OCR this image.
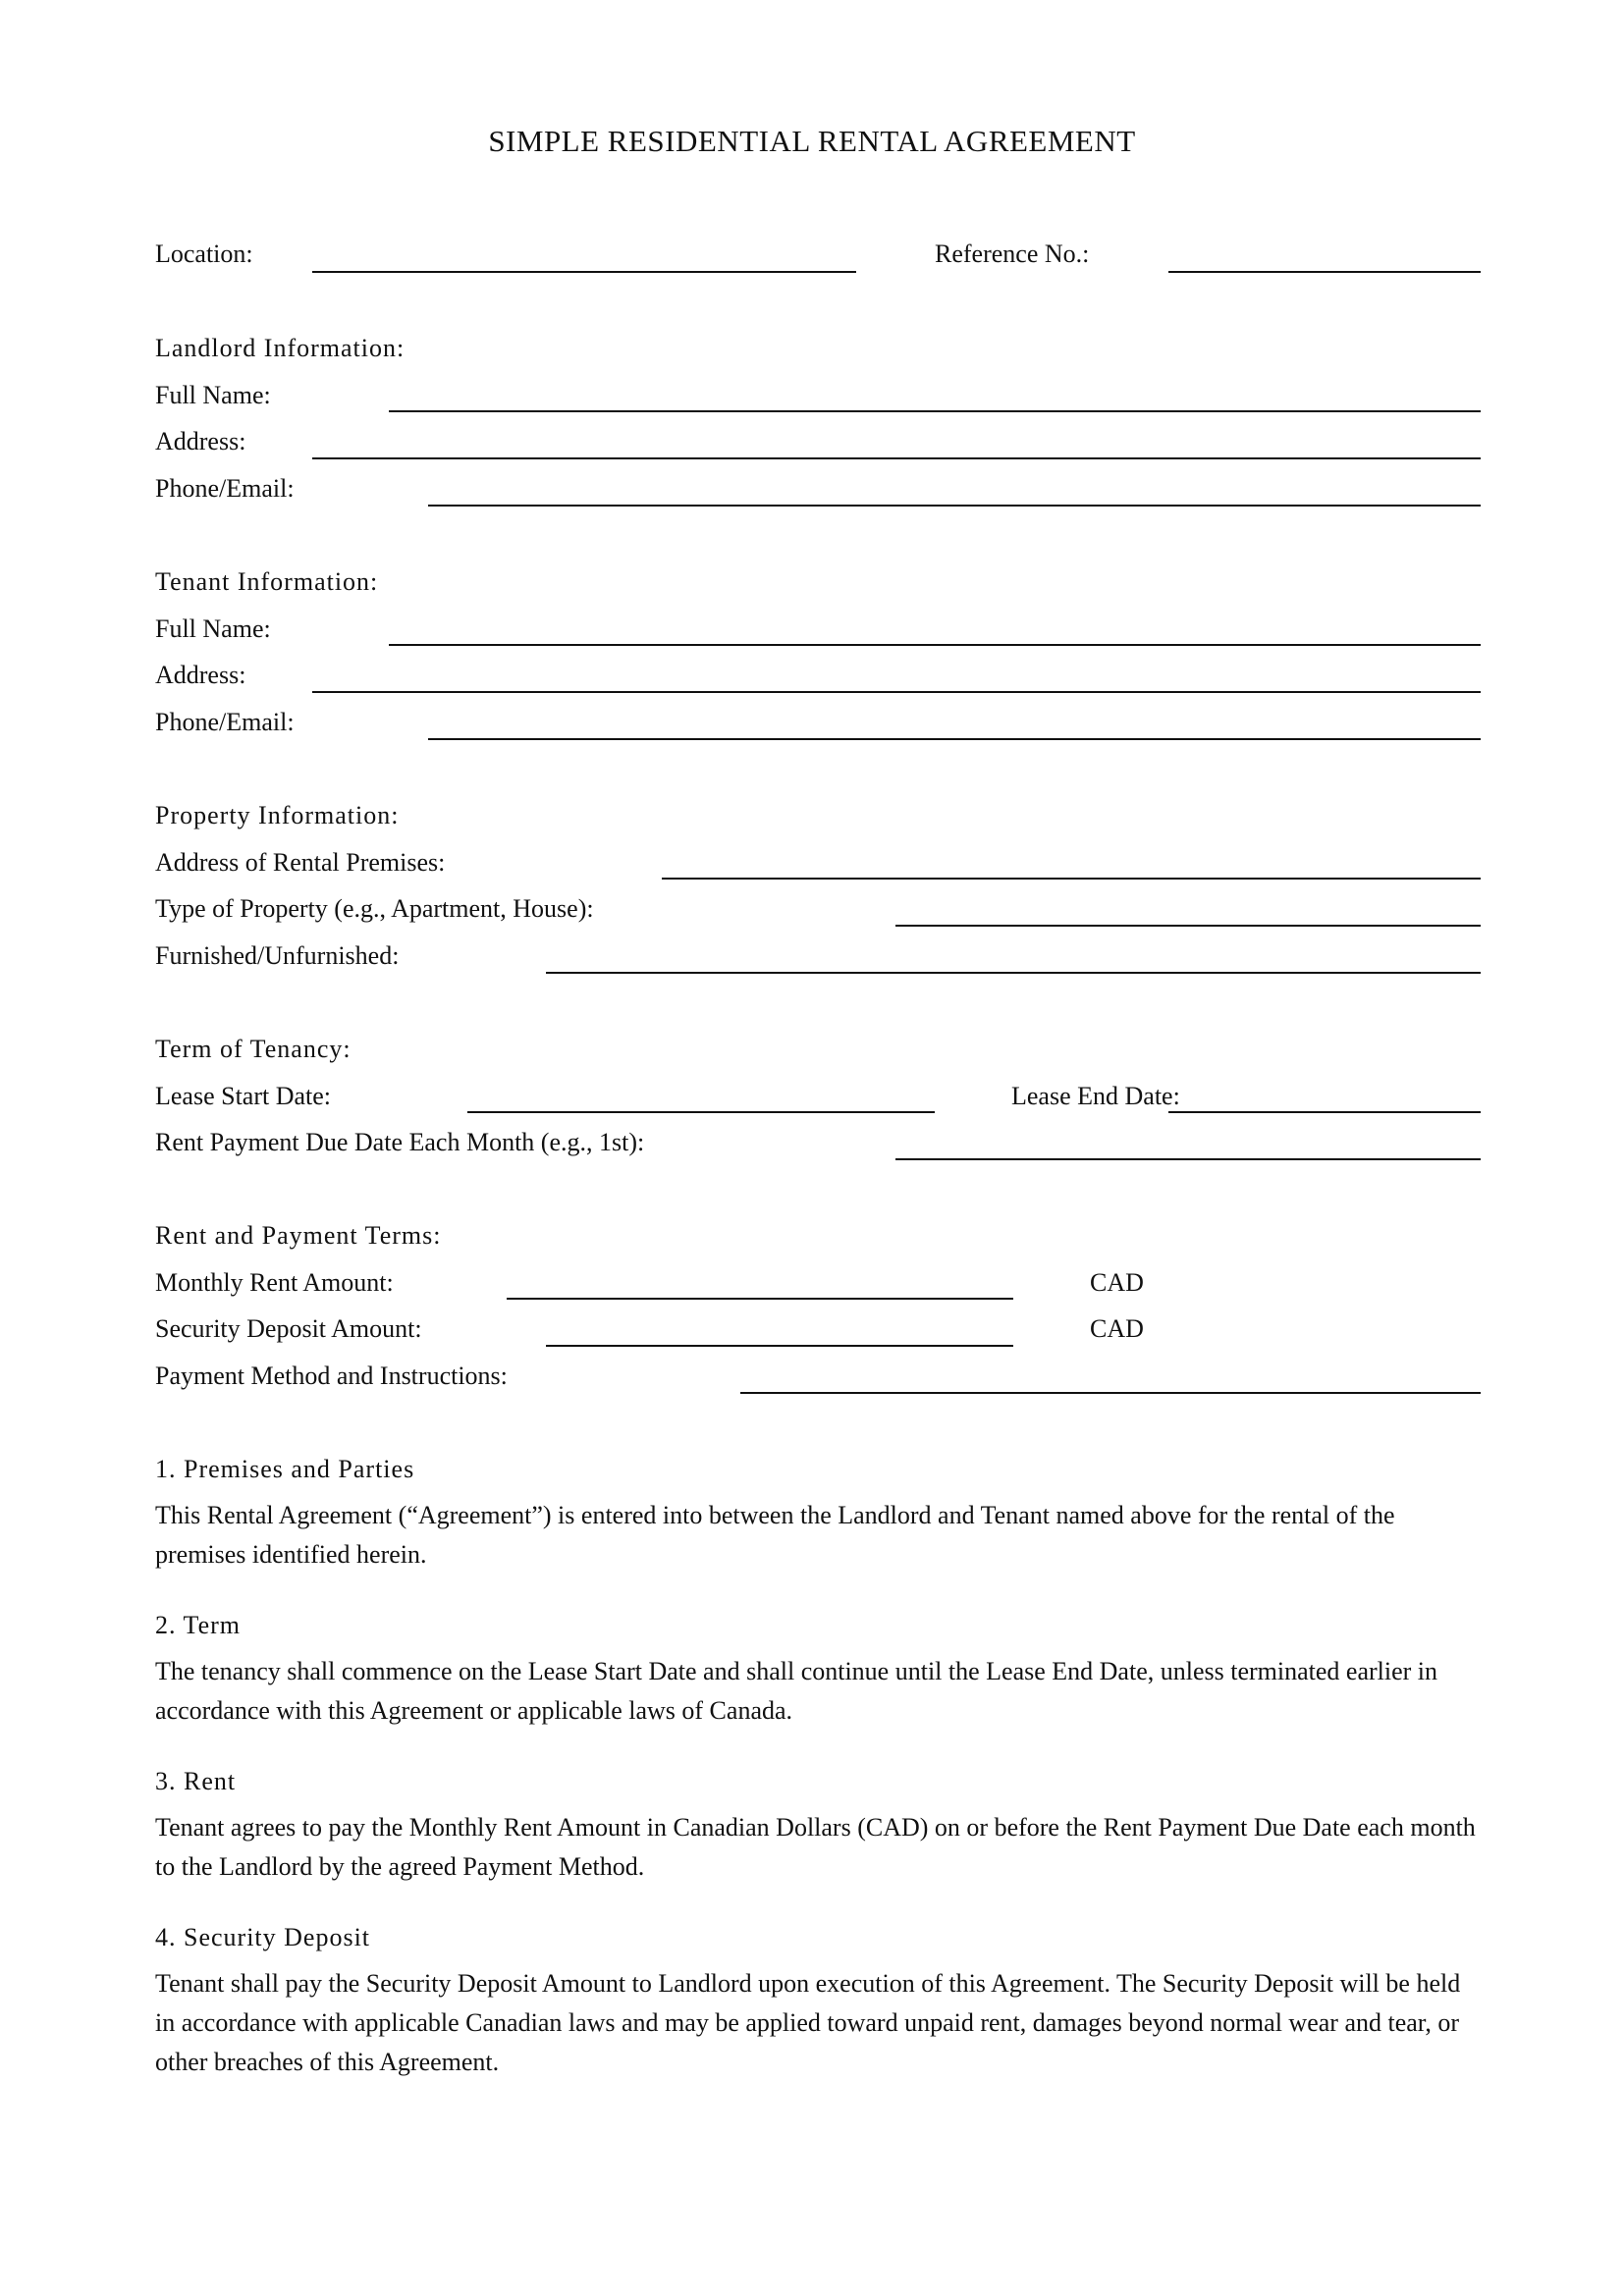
SIMPLE RESIDENTIAL RENTAL AGREEMENT
Location:	Reference No.:
Landlord Information:
Full Name:
Address:
Phone/Email:
Tenant Information:
Full Name:
Address:
Phone/Email:
Property Information:
Address of Rental Premises:
Type of Property (e.g., Apartment, House):
Furnished/Unfurnished:
Term of Tenancy:
Lease Start Date:	Lease End Date:
Rent Payment Due Date Each Month (e.g., 1st):
Rent and Payment Terms:
Monthly Rent Amount:	CAD
Security Deposit Amount:	CAD
Payment Method and Instructions:
1. Premises and Parties

This Rental Agreement (“Agreement”) is entered into between the Landlord and Tenant named above for the rental of the premises identified herein.

2. Term

The tenancy shall commence on the Lease Start Date and shall continue until the Lease End Date, unless terminated earlier in accordance with this Agreement or applicable laws of Canada.

3. Rent

Tenant agrees to pay the Monthly Rent Amount in Canadian Dollars (CAD) on or before the Rent Payment Due Date each month to the Landlord by the agreed Payment Method.

4. Security Deposit

Tenant shall pay the Security Deposit Amount to Landlord upon execution of this Agreement. The Security Deposit will be held in accordance with applicable Canadian laws and may be applied toward unpaid rent, damages beyond normal wear and tear, or other breaches of this Agreement.
